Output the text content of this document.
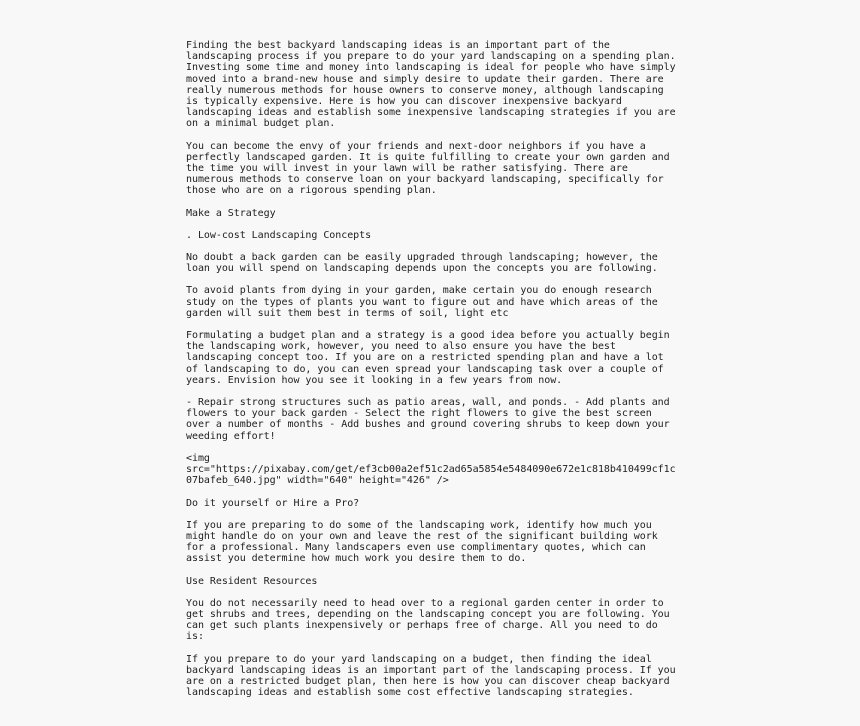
Finding the best backyard landscaping ideas is an important part of the landscaping process if you prepare to do your yard landscaping on a spending plan. Investing some time and money into landscaping is ideal for people who have simply moved into a brand-new house and simply desire to update their garden. There are really numerous methods for house owners to conserve money, although landscaping is typically expensive. Here is how you can discover inexpensive backyard landscaping ideas and establish some inexpensive landscaping strategies if you are on a minimal budget plan.

You can become the envy of your friends and next-door neighbors if you have a perfectly landscaped garden. It is quite fulfilling to create your own garden and the time you will invest in your lawn will be rather satisfying. There are numerous methods to conserve loan on your backyard landscaping, specifically for those who are on a rigorous spending plan.

Make a Strategy

. Low-cost Landscaping Concepts

No doubt a back garden can be easily upgraded through landscaping; however, the loan you will spend on landscaping depends upon the concepts you are following.

To avoid plants from dying in your garden, make certain you do enough research study on the types of plants you want to figure out and have which areas of the garden will suit them best in terms of soil, light etc

Formulating a budget plan and a strategy is a good idea before you actually begin the landscaping work, however, you need to also ensure you have the best landscaping concept too. If you are on a restricted spending plan and have a lot of landscaping to do, you can even spread your landscaping task over a couple of years. Envision how you see it looking in a few years from now.

- Repair strong structures such as patio areas, wall, and ponds. - Add plants and flowers to your back garden - Select the right flowers to give the best screen over a number of months - Add bushes and ground covering shrubs to keep down your weeding effort!

<img
src="https://pixabay.com/get/ef3cb00a2ef51c2ad65a5854e5484090e672e1c818b410499cf1c07bafeb_640.jpg" width="640" height="426" />

Do it yourself or Hire a Pro?

If you are preparing to do some of the landscaping work, identify how much you might handle do on your own and leave the rest of the significant building work for a professional. Many landscapers even use complimentary quotes, which can assist you determine how much work you desire them to do.

Use Resident Resources

You do not necessarily need to head over to a regional garden center in order to get shrubs and trees, depending on the landscaping concept you are following. You can get such plants inexpensively or perhaps free of charge. All you need to do is:

If you prepare to do your yard landscaping on a budget, then finding the ideal backyard landscaping ideas is an important part of the landscaping process. If you are on a restricted budget plan, then here is how you can discover cheap backyard landscaping ideas and establish some cost effective landscaping strategies.
